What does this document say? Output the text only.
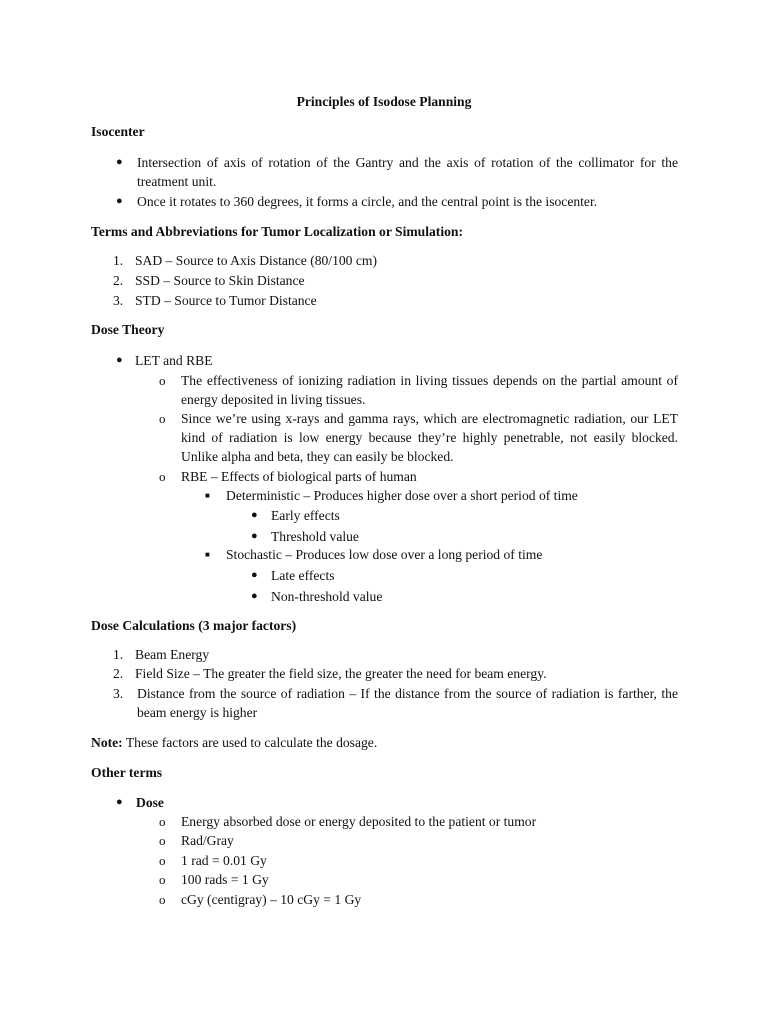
Principles of Isodose Planning

Isocenter

● Intersection of axis of rotation of the Gantry and the axis of rotation of the collimator for the treatment unit.

● Once it rotates to 360 degrees, it forms a circle, and the central point is the isocenter.

Terms and Abbreviations for Tumor Localization or Simulation:

1. SAD – Source to Axis Distance (80/100 cm)

2. SSD – Source to Skin Distance

3. STD – Source to Tumor Distance

Dose Theory

● LET and RBE

o The effectiveness of ionizing radiation in living tissues depends on the partial amount of energy deposited in living tissues.

o Since we’re using x-rays and gamma rays, which are electromagnetic radiation, our LET kind of radiation is low energy because they’re highly penetrable, not easily blocked. Unlike alpha and beta, they can easily be blocked.

o RBE – Effects of biological parts of human

■ Deterministic – Produces higher dose over a short period of time

● Early effects

● Threshold value

■ Stochastic – Produces low dose over a long period of time

● Late effects

● Non-threshold value

Dose Calculations (3 major factors)

1. Beam Energy

2. Field Size – The greater the field size, the greater the need for beam energy.

3. Distance from the source of radiation – If the distance from the source of radiation is farther, the beam energy is higher

Note: These factors are used to calculate the dosage.

Other terms

● Dose

o Energy absorbed dose or energy deposited to the patient or tumor

o Rad/Gray

o 1 rad = 0.01 Gy

o 100 rads = 1 Gy

o cGy (centigray) – 10 cGy = 1 Gy
